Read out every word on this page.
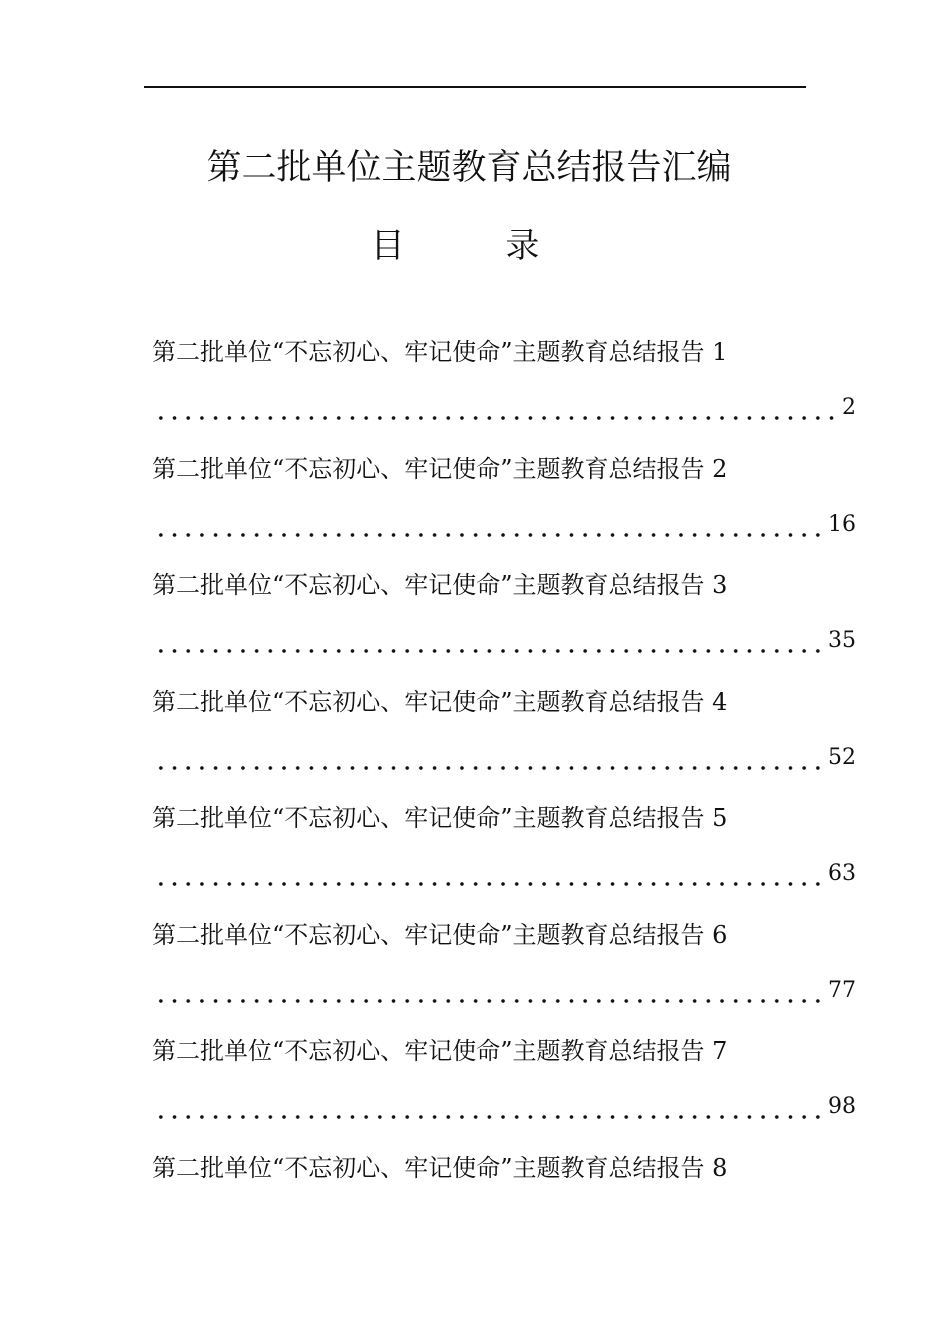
第二批单位主题教育总结报告汇编
目 录
第二批单位“不忘初心、牢记使命”主题教育总结报告 1
2
第二批单位“不忘初心、牢记使命”主题教育总结报告 2
16
第二批单位“不忘初心、牢记使命”主题教育总结报告 3
35
第二批单位“不忘初心、牢记使命”主题教育总结报告 4
52
第二批单位“不忘初心、牢记使命”主题教育总结报告 5
63
第二批单位“不忘初心、牢记使命”主题教育总结报告 6
77
第二批单位“不忘初心、牢记使命”主题教育总结报告 7
98
第二批单位“不忘初心、牢记使命”主题教育总结报告 8
